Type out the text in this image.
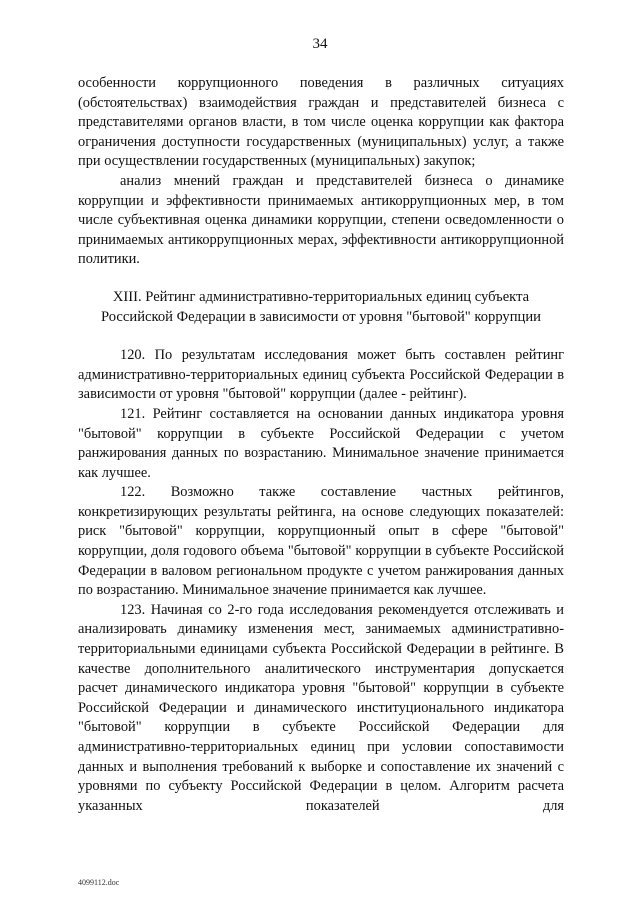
34

особенности коррупционного поведения в различных ситуациях (обстоятельствах) взаимодействия граждан и представителей бизнеса с представителями органов власти, в том числе оценка коррупции как фактора ограничения доступности государственных (муниципальных) услуг, а также при осуществлении государственных (муниципальных) закупок;

анализ мнений граждан и представителей бизнеса о динамике коррупции и эффективности принимаемых антикоррупционных мер, в том числе субъективная оценка динамики коррупции, степени осведомленности о принимаемых антикоррупционных мерах, эффективности антикоррупционной политики.

XIII. Рейтинг административно-территориальных единиц субъекта
Российской Федерации в зависимости от уровня "бытовой" коррупции

120. По результатам исследования может быть составлен рейтинг административно-территориальных единиц субъекта Российской Федерации в зависимости от уровня "бытовой" коррупции (далее - рейтинг).

121. Рейтинг составляется на основании данных индикатора уровня "бытовой" коррупции в субъекте Российской Федерации с учетом ранжирования данных по возрастанию. Минимальное значение принимается как лучшее.

122. Возможно также составление частных рейтингов, конкретизирующих результаты рейтинга, на основе следующих показателей: риск "бытовой" коррупции, коррупционный опыт в сфере "бытовой" коррупции, доля годового объема "бытовой" коррупции в субъекте Российской Федерации в валовом региональном продукте с учетом ранжирования данных по возрастанию. Минимальное значение принимается как лучшее.

123. Начиная со 2-го года исследования рекомендуется отслеживать и анализировать динамику изменения мест, занимаемых административно-территориальными единицами субъекта Российской Федерации в рейтинге. В качестве дополнительного аналитического инструментария допускается расчет динамического индикатора уровня "бытовой" коррупции в субъекте Российской Федерации и динамического институционального индикатора "бытовой" коррупции в субъекте Российской Федерации для административно-территориальных единиц при условии сопоставимости данных и выполнения требований к выборке и сопоставление их значений с уровнями по субъекту Российской Федерации в целом. Алгоритм расчета указанных показателей для

4099112.doc
